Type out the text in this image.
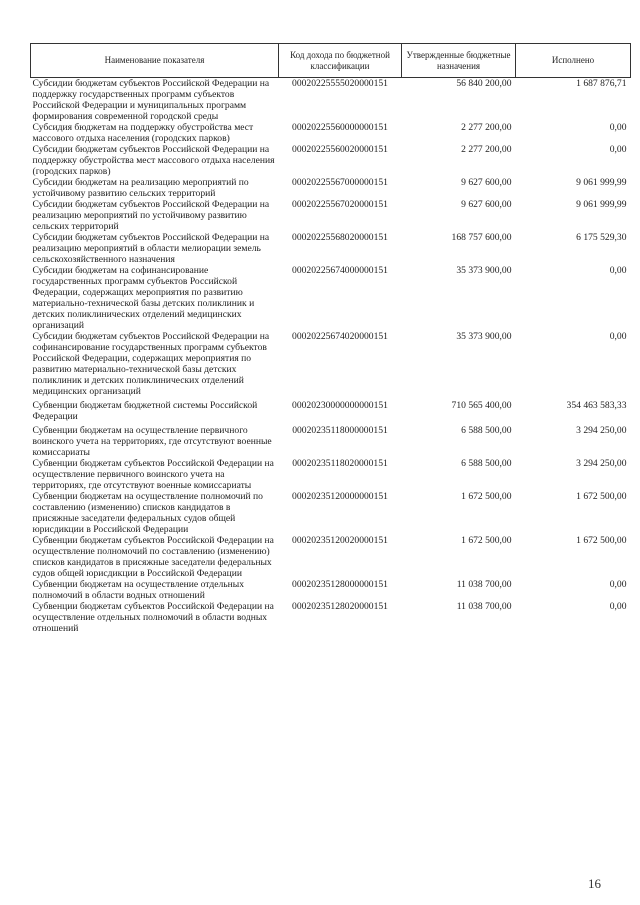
Наименование показателя	Код дохода по бюджетной классификации	Утвержденные бюджетные назначения	Исполнено
Субсидии бюджетам субъектов Российской Федерации на поддержку государственных программ субъектов Российской Федерации и муниципальных программ формирования современной городской среды	00020225555020000151	56 840 200,00	1 687 876,71
Субсидия бюджетам на поддержку обустройства мест массового отдыха населения (городских парков)	00020225560000000151	2 277 200,00	0,00
Субсидии бюджетам субъектов Российской Федерации на поддержку обустройства мест массового отдыха населения (городских парков)	00020225560020000151	2 277 200,00	0,00
Субсидии бюджетам на реализацию мероприятий по устойчивому развитию сельских территорий	00020225567000000151	9 627 600,00	9 061 999,99
Субсидии бюджетам субъектов Российской Федерации на реализацию мероприятий по устойчивому развитию сельских территорий	00020225567020000151	9 627 600,00	9 061 999,99
Субсидии бюджетам субъектов Российской Федерации на реализацию мероприятий в области мелиорации земель сельскохозяйственного назначения	00020225568020000151	168 757 600,00	6 175 529,30
Субсидии бюджетам на софинансирование государственных программ субъектов Российской Федерации, содержащих мероприятия по развитию материально-технической базы детских поликлиник и детских поликлинических отделений медицинских организаций	00020225674000000151	35 373 900,00	0,00
Субсидии бюджетам субъектов Российской Федерации на софинансирование государственных программ субъектов Российской Федерации, содержащих мероприятия по развитию материально-технической базы детских поликлиник и детских поликлинических отделений медицинских организаций	00020225674020000151	35 373 900,00	0,00
Субвенции бюджетам бюджетной системы Российской Федерации	00020230000000000151	710 565 400,00	354 463 583,33
Субвенции бюджетам на осуществление первичного воинского учета на территориях, где отсутствуют военные комиссариаты	00020235118000000151	6 588 500,00	3 294 250,00
Субвенции бюджетам субъектов Российской Федерации на осуществление первичного воинского учета на территориях, где отсутствуют военные комиссариаты	00020235118020000151	6 588 500,00	3 294 250,00
Субвенции бюджетам на осуществление полномочий по составлению (изменению) списков кандидатов в присяжные заседатели федеральных судов общей юрисдикции в Российской Федерации	00020235120000000151	1 672 500,00	1 672 500,00
Субвенции бюджетам субъектов Российской Федерации на осуществление полномочий по составлению (изменению) списков кандидатов в присяжные заседатели федеральных судов общей юрисдикции в Российской Федерации	00020235120020000151	1 672 500,00	1 672 500,00
Субвенции бюджетам на осуществление отдельных полномочий в области водных отношений	00020235128000000151	11 038 700,00	0,00
Субвенции бюджетам субъектов Российской Федерации на осуществление отдельных полномочий в области водных отношений	00020235128020000151	11 038 700,00	0,00
16
